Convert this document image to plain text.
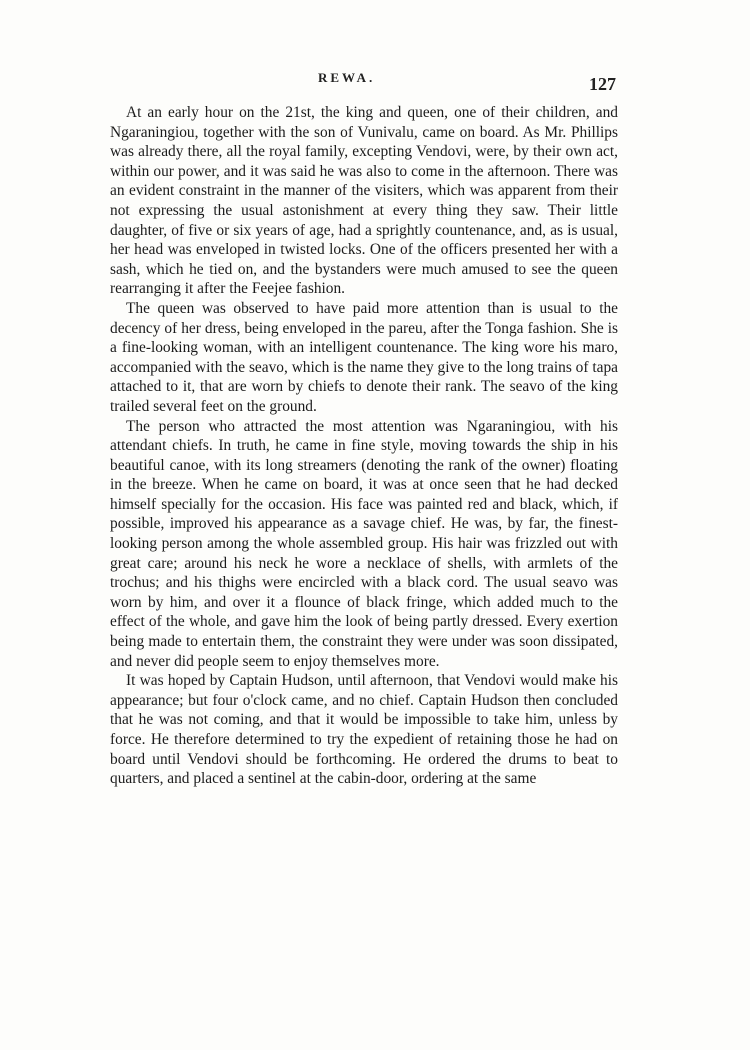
REWA.	127

At an early hour on the 21st, the king and queen, one of their children, and Ngaraningiou, together with the son of Vunivalu, came on board. As Mr. Phillips was already there, all the royal family, excepting Vendovi, were, by their own act, within our power, and it was said he was also to come in the afternoon. There was an evident constraint in the manner of the visiters, which was apparent from their not expressing the usual astonishment at every thing they saw. Their little daughter, of five or six years of age, had a sprightly countenance, and, as is usual, her head was enveloped in twisted locks. One of the officers presented her with a sash, which he tied on, and the bystanders were much amused to see the queen rearranging it after the Feejee fashion.

The queen was observed to have paid more attention than is usual to the decency of her dress, being enveloped in the pareu, after the Tonga fashion. She is a fine-looking woman, with an intelligent countenance. The king wore his maro, accompanied with the seavo, which is the name they give to the long trains of tapa attached to it, that are worn by chiefs to denote their rank. The seavo of the king trailed several feet on the ground.

The person who attracted the most attention was Ngaraningiou, with his attendant chiefs. In truth, he came in fine style, moving towards the ship in his beautiful canoe, with its long streamers (denoting the rank of the owner) floating in the breeze. When he came on board, it was at once seen that he had decked himself specially for the occasion. His face was painted red and black, which, if possible, improved his appearance as a savage chief. He was, by far, the finest-looking person among the whole assembled group. His hair was frizzled out with great care; around his neck he wore a necklace of shells, with armlets of the trochus; and his thighs were encircled with a black cord. The usual seavo was worn by him, and over it a flounce of black fringe, which added much to the effect of the whole, and gave him the look of being partly dressed. Every exertion being made to entertain them, the constraint they were under was soon dissipated, and never did people seem to enjoy themselves more.

It was hoped by Captain Hudson, until afternoon, that Vendovi would make his appearance; but four o'clock came, and no chief. Captain Hudson then concluded that he was not coming, and that it would be impossible to take him, unless by force. He therefore determined to try the expedient of retaining those he had on board until Vendovi should be forthcoming. He ordered the drums to beat to quarters, and placed a sentinel at the cabin-door, ordering at the same
